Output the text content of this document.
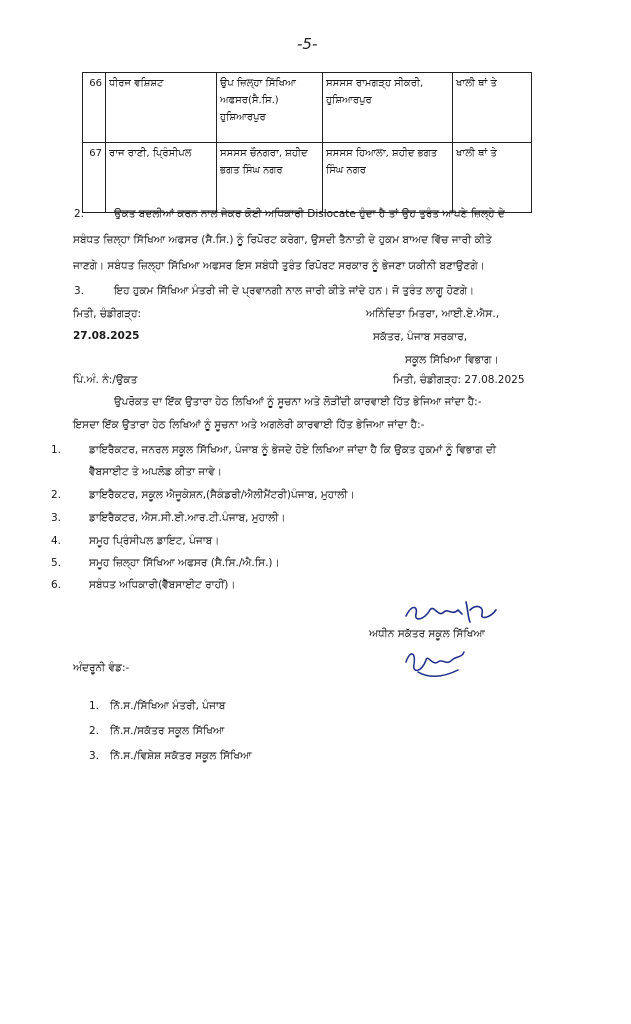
-5-
66	ਧੀਰਜ ਵਸ਼ਿਸ਼ਟ	ਉਪ ਜ਼ਿਲ੍ਹਾ ਸਿੱਖਿਆ ਅਫਸਰ(ਸੈ.ਸਿ.) ਹੁਸ਼ਿਆਰਪੁਰ	ਸਸਸਸ ਰਾਮਗੜ੍ਹ ਸੀਕਰੀ, ਹੁਸ਼ਿਆਰਪੁਰ	ਖਾਲੀ ਥਾਂ ਤੇ
67	ਰਾਜ ਰਾਣੀ, ਪ੍ਰਿੰਸੀਪਲ	ਸਸਸਸ ਚੌਨਗਰਾ, ਸ਼ਹੀਦ ਭਗਤ ਸਿੰਘ ਨਗਰ	ਸਸਸਸ ਹਿਆਲਾ, ਸ਼ਹੀਦ ਭਗਤ ਸਿੰਘ ਨਗਰ	ਖਾਲੀ ਥਾਂ ਤੇ
2.	ਉਕਤ ਬਦਲੀਆਂ ਕਰਨ ਨਾਲ ਜੇਕਰ ਕੋਈ ਅਧਿਕਾਰੀ Dislocate ਹੁੰਦਾ ਹੈ ਤਾਂ ਉਹ ਤੁਰੰਤ ਆਪਣੇ ਜ਼ਿਲ੍ਹੇ ਦੇ
ਸਬੰਧਤ ਜ਼ਿਲ੍ਹਾ ਸਿੱਖਿਆ ਅਫਸਰ (ਸੈ.ਸਿ.) ਨੂੰ ਰਿਪੋਰਟ ਕਰੇਗਾ, ਉਸਦੀ ਤੈਨਾਤੀ ਦੇ ਹੁਕਮ ਬਾਅਦ ਵਿੱਚ ਜਾਰੀ ਕੀਤੇ
ਜਾਣਗੇ। ਸਬੰਧਤ ਜ਼ਿਲ੍ਹਾ ਸਿੱਖਿਆ ਅਫਸਰ ਇਸ ਸਬੰਧੀ ਤੁਰੰਤ ਰਿਪੋਰਟ ਸਰਕਾਰ ਨੂੰ ਭੇਜਣਾ ਯਕੀਨੀ ਬਣਾਉਣਗੇ।
3.	ਇਹ ਹੁਕਮ ਸਿੱਖਿਆ ਮੰਤਰੀ ਜੀ ਦੇ ਪ੍ਰਵਾਨਗੀ ਨਾਲ ਜਾਰੀ ਕੀਤੇ ਜਾਂਦੇ ਹਨ। ਜੋ ਤੁਰੰਤ ਲਾਗੂ ਹੋਣਗੇ।
ਮਿਤੀ, ਚੰਡੀਗੜ੍ਹ:
27.08.2025
ਅਨਿੰਦਿਤਾ ਮਿਤਰਾ, ਆਈ.ਏ.ਐਸ.,
ਸਕੱਤਰ, ਪੰਜਾਬ ਸਰਕਾਰ,
ਸਕੂਲ ਸਿੱਖਿਆ ਵਿਭਾਗ।
ਪਿੰ.ਅੰ. ਨੰ:/ਉਕਤ	ਮਿਤੀ, ਚੰਡੀਗੜ੍ਹ: 27.08.2025
ਉਪਰੋਕਤ ਦਾ ਇੱਕ ਉਤਾਰਾ ਹੇਠ ਲਿਖਿਆਂ ਨੂੰ ਸੂਚਨਾ ਅਤੇ ਲੋੜੀਂਦੀ ਕਾਰਵਾਈ ਹਿੱਤ ਭੇਜਿਆ ਜਾਂਦਾ ਹੈ:-
ਇਸਦਾ ਇੱਕ ਉਤਾਰਾ ਹੇਠ ਲਿਖਿਆਂ ਨੂੰ ਸੂਚਨਾ ਅਤੇ ਅਗਲੇਰੀ ਕਾਰਵਾਈ ਹਿੱਤ ਭੇਜਿਆ ਜਾਂਦਾ ਹੈ:-
1.	ਡਾਇਰੈਕਟਰ, ਜਨਰਲ ਸਕੂਲ ਸਿੱਖਿਆ, ਪੰਜਾਬ ਨੂੰ ਭੇਜਦੇ ਹੋਏ ਲਿਖਿਆ ਜਾਂਦਾ ਹੈ ਕਿ ਉਕਤ ਹੁਕਮਾਂ ਨੂੰ ਵਿਭਾਗ ਦੀ
ਵੈੱਬਸਾਈਟ ਤੇ ਅਪਲੋਡ ਕੀਤਾ ਜਾਵੇ।
2.	ਡਾਇਰੈਕਟਰ, ਸਕੂਲ ਐਜੂਕੇਸ਼ਨ,(ਸੈਕੰਡਰੀ/ਐਲੀਮੈਂਟਰੀ)ਪੰਜਾਬ, ਮੁਹਾਲੀ।
3.	ਡਾਇਰੈਕਟਰ, ਐਸ.ਸੀ.ਈ.ਆਰ.ਟੀ.ਪੰਜਾਬ, ਮੁਹਾਲੀ।
4.	ਸਮੂਹ ਪ੍ਰਿੰਸੀਪਲ ਡਾਇਟ, ਪੰਜਾਬ।
5.	ਸਮੂਹ ਜ਼ਿਲ੍ਹਾ ਸਿੱਖਿਆ ਅਫਸਰ (ਸੈ.ਸਿ./ਐ.ਸਿ.)।
6.	ਸਬੰਧਤ ਅਧਿਕਾਰੀ(ਵੈੱਬਸਾਈਟ ਰਾਹੀਂ)।
ਅਧੀਨ ਸਕੱਤਰ ਸਕੂਲ ਸਿੱਖਿਆ
ਅੰਦਰੂਨੀ ਵੰਡ:-
1. ਨਿੱ.ਸ./ਸਿੱਖਿਆ ਮੰਤਰੀ, ਪੰਜਾਬ
2. ਨਿੱ.ਸ./ਸਕੱਤਰ ਸਕੂਲ ਸਿੱਖਿਆ
3. ਨਿੱ.ਸ./ਵਿਸ਼ੇਸ਼ ਸਕੱਤਰ ਸਕੂਲ ਸਿੱਖਿਆ
